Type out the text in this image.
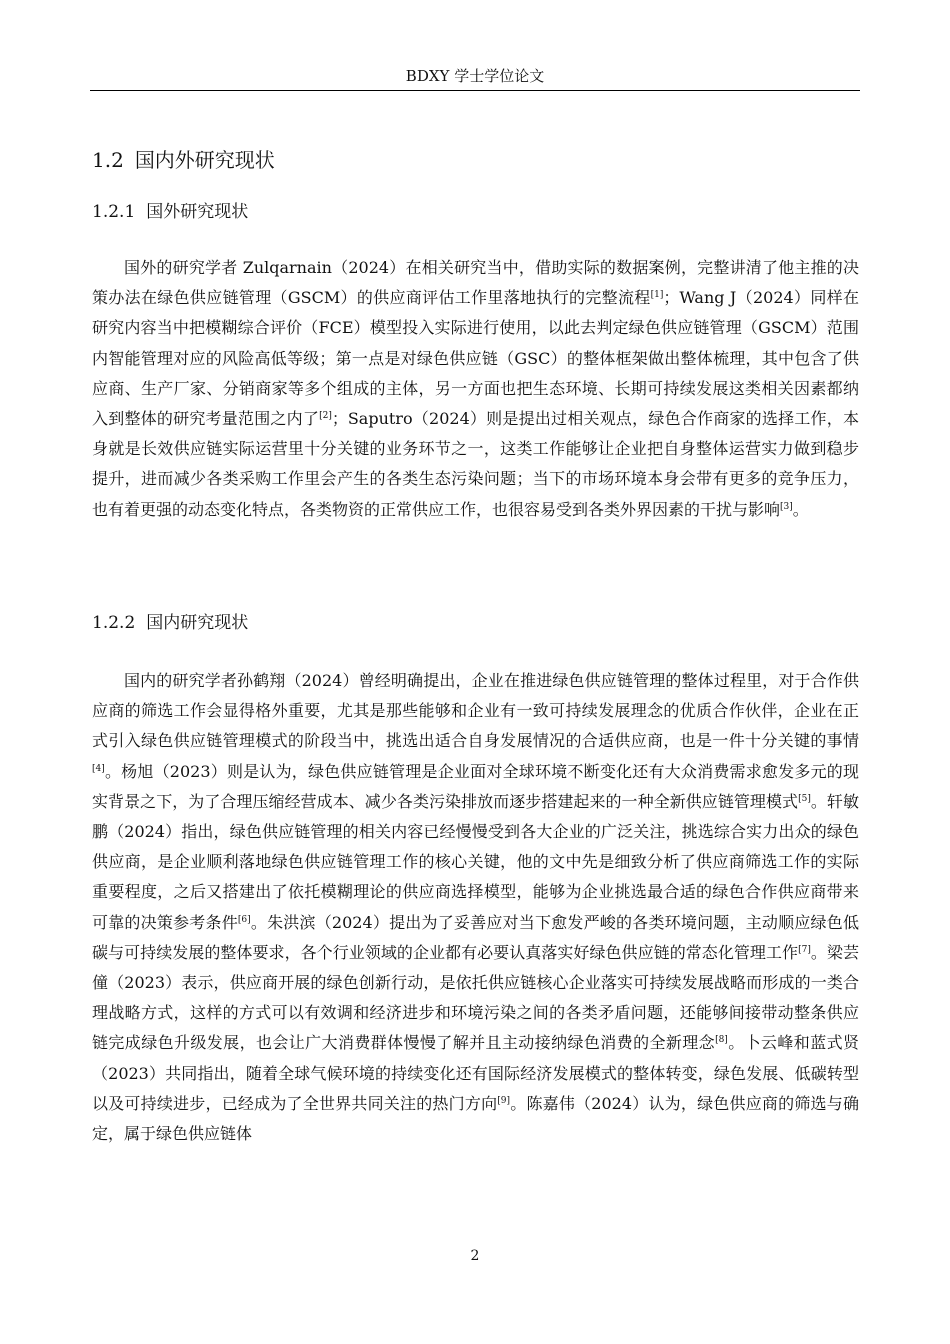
BDXY 学士学位论文
1.2 国内外研究现状
1.2.1 国外研究现状

国外的研究学者 Zulqarnain（2024）在相关研究当中，借助实际的数据案例，完整讲清了他主推的决策办法在绿色供应链管理（GSCM）的供应商评估工作里落地执行的完整流程[1]；Wang J（2024）同样在研究内容当中把模糊综合评价（FCE）模型投入实际进行使用，以此去判定绿色供应链管理（GSCM）范围内智能管理对应的风险高低等级；第一点是对绿色供应链（GSC）的整体框架做出整体梳理，其中包含了供应商、生产厂家、分销商家等多个组成的主体，另一方面也把生态环境、长期可持续发展这类相关因素都纳入到整体的研究考量范围之内了[2]；Saputro（2024）则是提出过相关观点，绿色合作商家的选择工作，本身就是长效供应链实际运营里十分关键的业务环节之一，这类工作能够让企业把自身整体运营实力做到稳步提升，进而减少各类采购工作里会产生的各类生态污染问题；当下的市场环境本身会带有更多的竞争压力，也有着更强的动态变化特点，各类物资的正常供应工作，也很容易受到各类外界因素的干扰与影响[3]。

1.2.2 国内研究现状

国内的研究学者孙鹤翔（2024）曾经明确提出，企业在推进绿色供应链管理的整体过程里，对于合作供应商的筛选工作会显得格外重要，尤其是那些能够和企业有一致可持续发展理念的优质合作伙伴，企业在正式引入绿色供应链管理模式的阶段当中，挑选出适合自身发展情况的合适供应商，也是一件十分关键的事情[4]。杨旭（2023）则是认为，绿色供应链管理是企业面对全球环境不断变化还有大众消费需求愈发多元的现实背景之下，为了合理压缩经营成本、减少各类污染排放而逐步搭建起来的一种全新供应链管理模式[5]。轩敏鹏（2024）指出，绿色供应链管理的相关内容已经慢慢受到各大企业的广泛关注，挑选综合实力出众的绿色供应商，是企业顺利落地绿色供应链管理工作的核心关键，他的文中先是细致分析了供应商筛选工作的实际重要程度，之后又搭建出了依托模糊理论的供应商选择模型，能够为企业挑选最合适的绿色合作供应商带来可靠的决策参考条件[6]。朱洪滨（2024）提出为了妥善应对当下愈发严峻的各类环境问题，主动顺应绿色低碳与可持续发展的整体要求，各个行业领域的企业都有必要认真落实好绿色供应链的常态化管理工作[7]。梁芸僮（2023）表示，供应商开展的绿色创新行动，是依托供应链核心企业落实可持续发展战略而形成的一类合理战略方式，这样的方式可以有效调和经济进步和环境污染之间的各类矛盾问题，还能够间接带动整条供应链完成绿色升级发展，也会让广大消费群体慢慢了解并且主动接纳绿色消费的全新理念[8]。卜云峰和蓝式贤（2023）共同指出，随着全球气候环境的持续变化还有国际经济发展模式的整体转变，绿色发展、低碳转型以及可持续进步，已经成为了全世界共同关注的热门方向[9]。陈嘉伟（2024）认为，绿色供应商的筛选与确定，属于绿色供应链体

2
